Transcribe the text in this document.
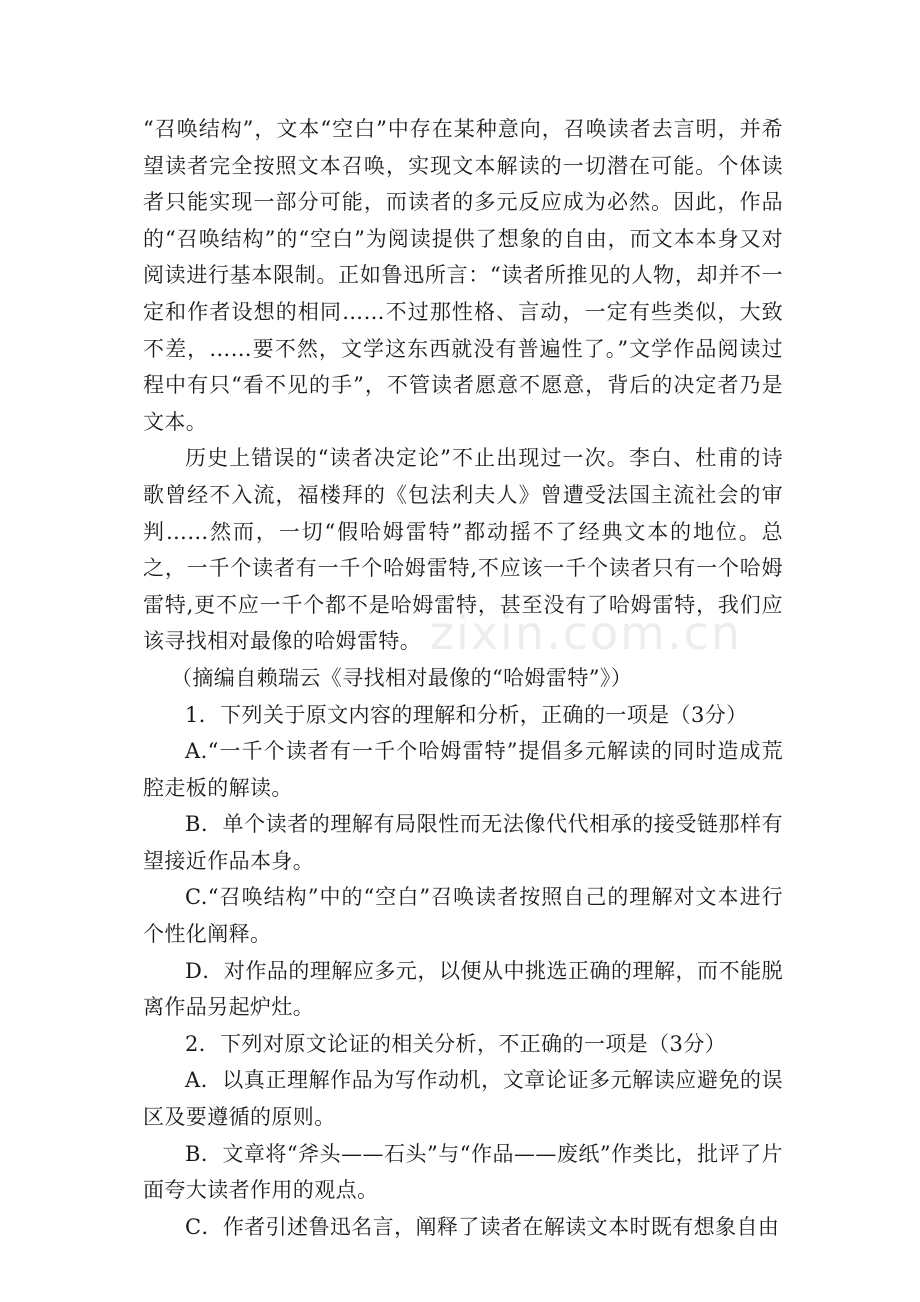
“召唤结构”，文本“空白”中存在某种意向，召唤读者去言明，并希望读者完全按照文本召唤，实现文本解读的一切潜在可能。个体读者只能实现一部分可能，而读者的多元反应成为必然。因此，作品的“召唤结构”的“空白”为阅读提供了想象的自由，而文本本身又对阅读进行基本限制。正如鲁迅所言：“读者所推见的人物，却并不一定和作者设想的相同……不过那性格、言动，一定有些类似，大致不差，……要不然，文学这东西就没有普遍性了。”文学作品阅读过程中有只“看不见的手”，不管读者愿意不愿意，背后的决定者乃是文本。

历史上错误的“读者决定论”不止出现过一次。李白、杜甫的诗歌曾经不入流，福楼拜的《包法利夫人》曾遭受法国主流社会的审判……然而，一切“假哈姆雷特”都动摇不了经典文本的地位。总之，一千个读者有一千个哈姆雷特,不应该一千个读者只有一个哈姆雷特,更不应一千个都不是哈姆雷特，甚至没有了哈姆雷特，我们应该寻找相对最像的哈姆雷特。

（摘编自赖瑞云《寻找相对最像的“哈姆雷特”》）

1．下列关于原文内容的理解和分析，正确的一项是（3分）

A.“一千个读者有一千个哈姆雷特”提倡多元解读的同时造成荒腔走板的解读。

B．单个读者的理解有局限性而无法像代代相承的接受链那样有望接近作品本身。

C.“召唤结构”中的“空白”召唤读者按照自己的理解对文本进行个性化阐释。

D．对作品的理解应多元，以便从中挑选正确的理解，而不能脱离作品另起炉灶。

2．下列对原文论证的相关分析，不正确的一项是（3分）

A．以真正理解作品为写作动机，文章论证多元解读应避免的误区及要遵循的原则。

B．文章将“斧头——石头”与“作品——废纸”作类比，批评了片面夸大读者作用的观点。

C．作者引述鲁迅名言，阐释了读者在解读文本时既有想象自由

zixin.com.cn
